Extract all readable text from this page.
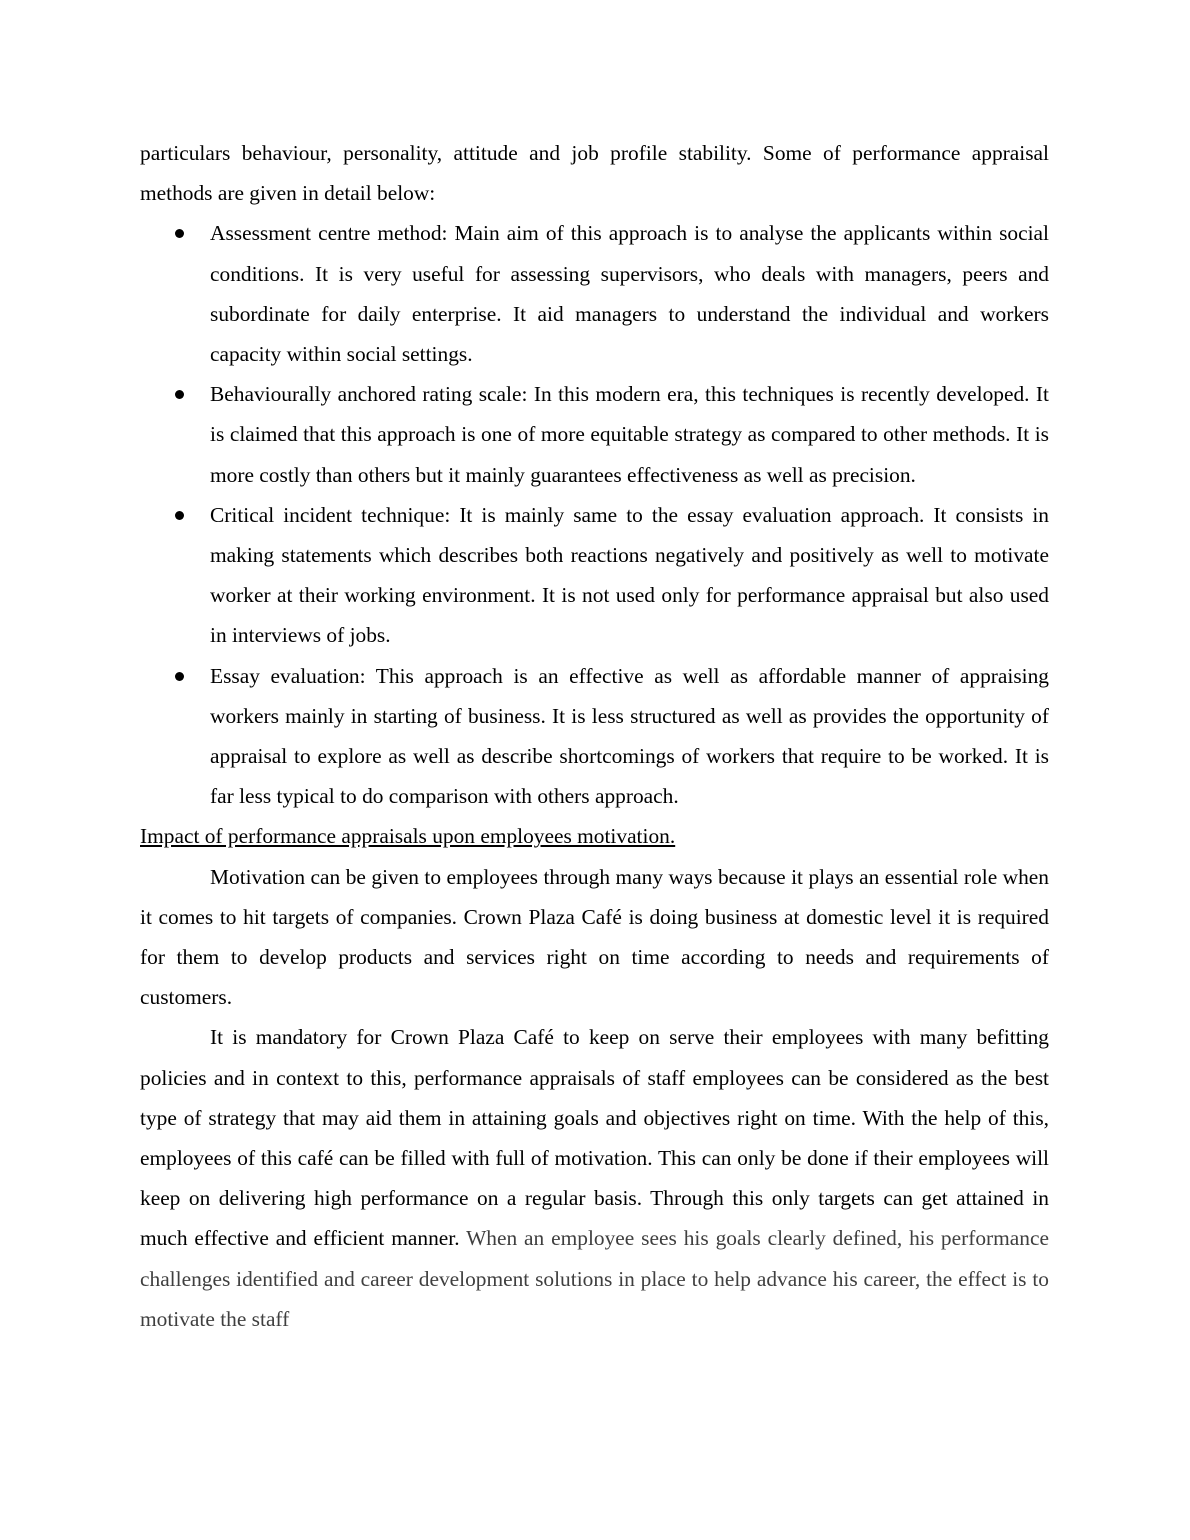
particulars behaviour, personality, attitude and job profile stability. Some of performance appraisal methods are given in detail below:

Assessment centre method: Main aim of this approach is to analyse the applicants within social conditions. It is very useful for assessing supervisors, who deals with managers, peers and subordinate for daily enterprise. It aid managers to understand the individual and workers capacity within social settings.
Behaviourally anchored rating scale: In this modern era, this techniques is recently developed. It is claimed that this approach is one of more equitable strategy as compared to other methods. It is more costly than others but it mainly guarantees effectiveness as well as precision.
Critical incident technique: It is mainly same to the essay evaluation approach. It consists in making statements which describes both reactions negatively and positively as well to motivate worker at their working environment. It is not used only for performance appraisal but also used in interviews of jobs.
Essay evaluation: This approach is an effective as well as affordable manner of appraising workers mainly in starting of business. It is less structured as well as provides the opportunity of appraisal to explore as well as describe shortcomings of workers that require to be worked. It is far less typical to do comparison with others approach.

Impact of performance appraisals upon employees motivation.

Motivation can be given to employees through many ways because it plays an essential role when it comes to hit targets of companies. Crown Plaza Café is doing business at domestic level it is required for them to develop products and services right on time according to needs and requirements of customers.

It is mandatory for Crown Plaza Café to keep on serve their employees with many befitting policies and in context to this, performance appraisals of staff employees can be considered as the best type of strategy that may aid them in attaining goals and objectives right on time. With the help of this, employees of this café can be filled with full of motivation. This can only be done if their employees will keep on delivering high performance on a regular basis. Through this only targets can get attained in much effective and efficient manner. When an employee sees his goals clearly defined, his performance challenges identified and career development solutions in place to help advance his career, the effect is to motivate the staff
